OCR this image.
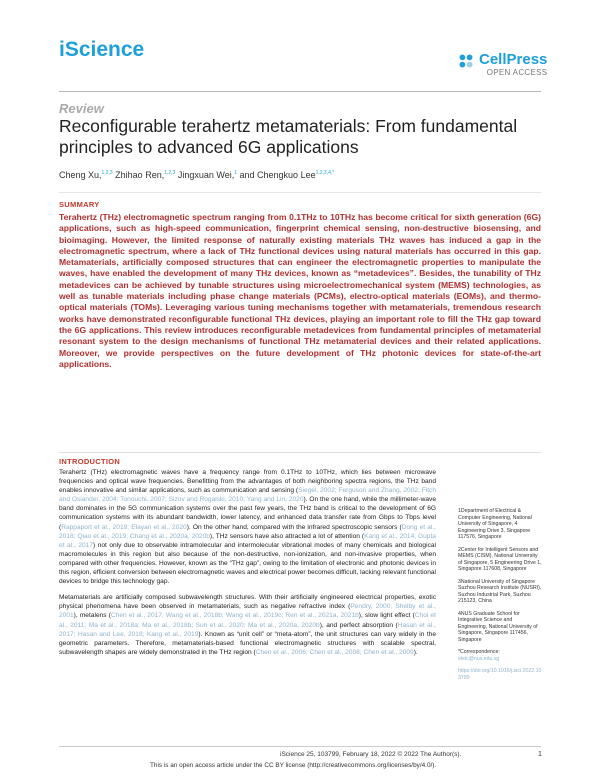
iScience	CellPress
OPEN ACCESS
Review
Reconfigurable terahertz metamaterials: From fundamental principles to advanced 6G applications
Cheng Xu,$^{1,2,3}$ Zhihao Ren,$^{1,2,3}$ Jingxuan Wei,$^1$ and Chengkuo Lee$^{1,2,3,4,*}$
SUMMARY
Terahertz (THz) electromagnetic spectrum ranging from 0.1THz to 10THz has become critical for sixth generation (6G) applications, such as high-speed communication, fingerprint chemical sensing, non-destructive biosensing, and bioimaging. However, the limited response of naturally existing materials THz waves has induced a gap in the electromagnetic spectrum, where a lack of THz functional devices using natural materials has occurred in this gap. Metamaterials, artificially composed structures that can engineer the electromagnetic properties to manipulate the waves, have enabled the development of many THz devices, known as “metadevices”. Besides, the tunability of THz metadevices can be achieved by tunable structures using microelectromechanical system (MEMS) technologies, as well as tunable materials including phase change materials (PCMs), electro-optical materials (EOMs), and thermo-optical materials (TOMs). Leveraging various tuning mechanisms together with metamaterials, tremendous research works have demonstrated reconfigurable functional THz devices, playing an important role to fill the THz gap toward the 6G applications. This review introduces reconfigurable metadevices from fundamental principles of metamaterial resonant system to the design mechanisms of functional THz metamaterial devices and their related applications. Moreover, we provide perspectives on the future development of THz photonic devices for state-of-the-art applications.
INTRODUCTION

Terahertz (THz) electromagnetic waves have a frequency range from 0.1THz to 10THz, which lies between microwave frequencies and optical wave frequencies. Benefitting from the advantages of both neighboring spectra regions, the THz band enables innovative and similar applications, such as communication and sensing (Siegel, 2002; Ferguson and Zhang, 2002; Fitch and Osiander, 2004; Tonouchi, 2007; Sizov and Rogalski, 2010; Yang and Lin, 2020). On the one hand, while the millimeter-wave band dominates in the 5G communication systems over the past few years, the THz band is critical to the development of 6G communication systems with its abundant bandwidth, lower latency, and enhanced data transfer rate from Gbps to Tbps level (Rappaport et al., 2019; Elayan et al., 2020). On the other hand, compared with the infrared spectroscopic sensors (Dong et al., 2018; Qiao et al., 2019; Chang et al., 2020a, 2020b), THz sensors have also attracted a lot of attention (Kang et al., 2014; Gupta et al., 2017) not only due to observable intramolecular and intermolecular vibrational modes of many chemicals and biological macromolecules in this region but also because of the non-destructive, non-ionization, and non-invasive properties, when compared with other frequencies. However, known as the “THz gap”, owing to the limitation of electronic and photonic devices in this region, efficient conversion between electromagnetic waves and electrical power becomes difficult, lacking relevant functional devices to bridge this technology gap.

Metamaterials are artificially composed subwavelength structures. With their artificially engineered electrical properties, exotic physical phenomena have been observed in metamaterials, such as negative refractive index (Pendry, 2000; Shelby et al., 2001), metalens (Chen et al., 2017; Wang et al., 2018b; Wang et al., 2019c; Ren et al., 2021a, 2021b), slow light effect (Choi et al., 2011; Ma et al., 2018a; Ma et al., 2018b; Sun et al., 2020; Ma et al., 2020a, 2020b), and perfect absorption (Hasan et al., 2017; Hasan and Lee, 2018; Kang et al., 2019). Known as “unit cell” or “meta-atom”, the unit structures can vary widely in the geometric parameters. Therefore, metamaterials-based functional electromagnetic structures with scalable spectral, subwavelength shapes are widely demonstrated in the THz region (Chen et al., 2006; Chen et al., 2008; Chen et al., 2009).

1Department of Electrical & Computer Engineering, National University of Singapore, 4 Engineering Drive 3, Singapore 117576, Singapore

2Center for Intelligent Sensors and MEMS (CISM), National University of Singapore, 5 Engineering Drive 1, Singapore 117608, Singapore

3National University of Singapore Suzhou Research Institute (NUSRI), Suzhou Industrial Park, Suzhou 215123, China

4NUS Graduate School for Integrative Science and Engineering, National University of Singapore, Singapore 117456, Singapore

*Correspondence:

elelc@nus.edu.sg

https://doi.org/10.1016/j.isci.2022.103799

iScience 25, 103799, February 18, 2022 © 2022 The Author(s).	1
This is an open access article under the CC BY license (http://creativecommons.org/licenses/by/4.0/).
